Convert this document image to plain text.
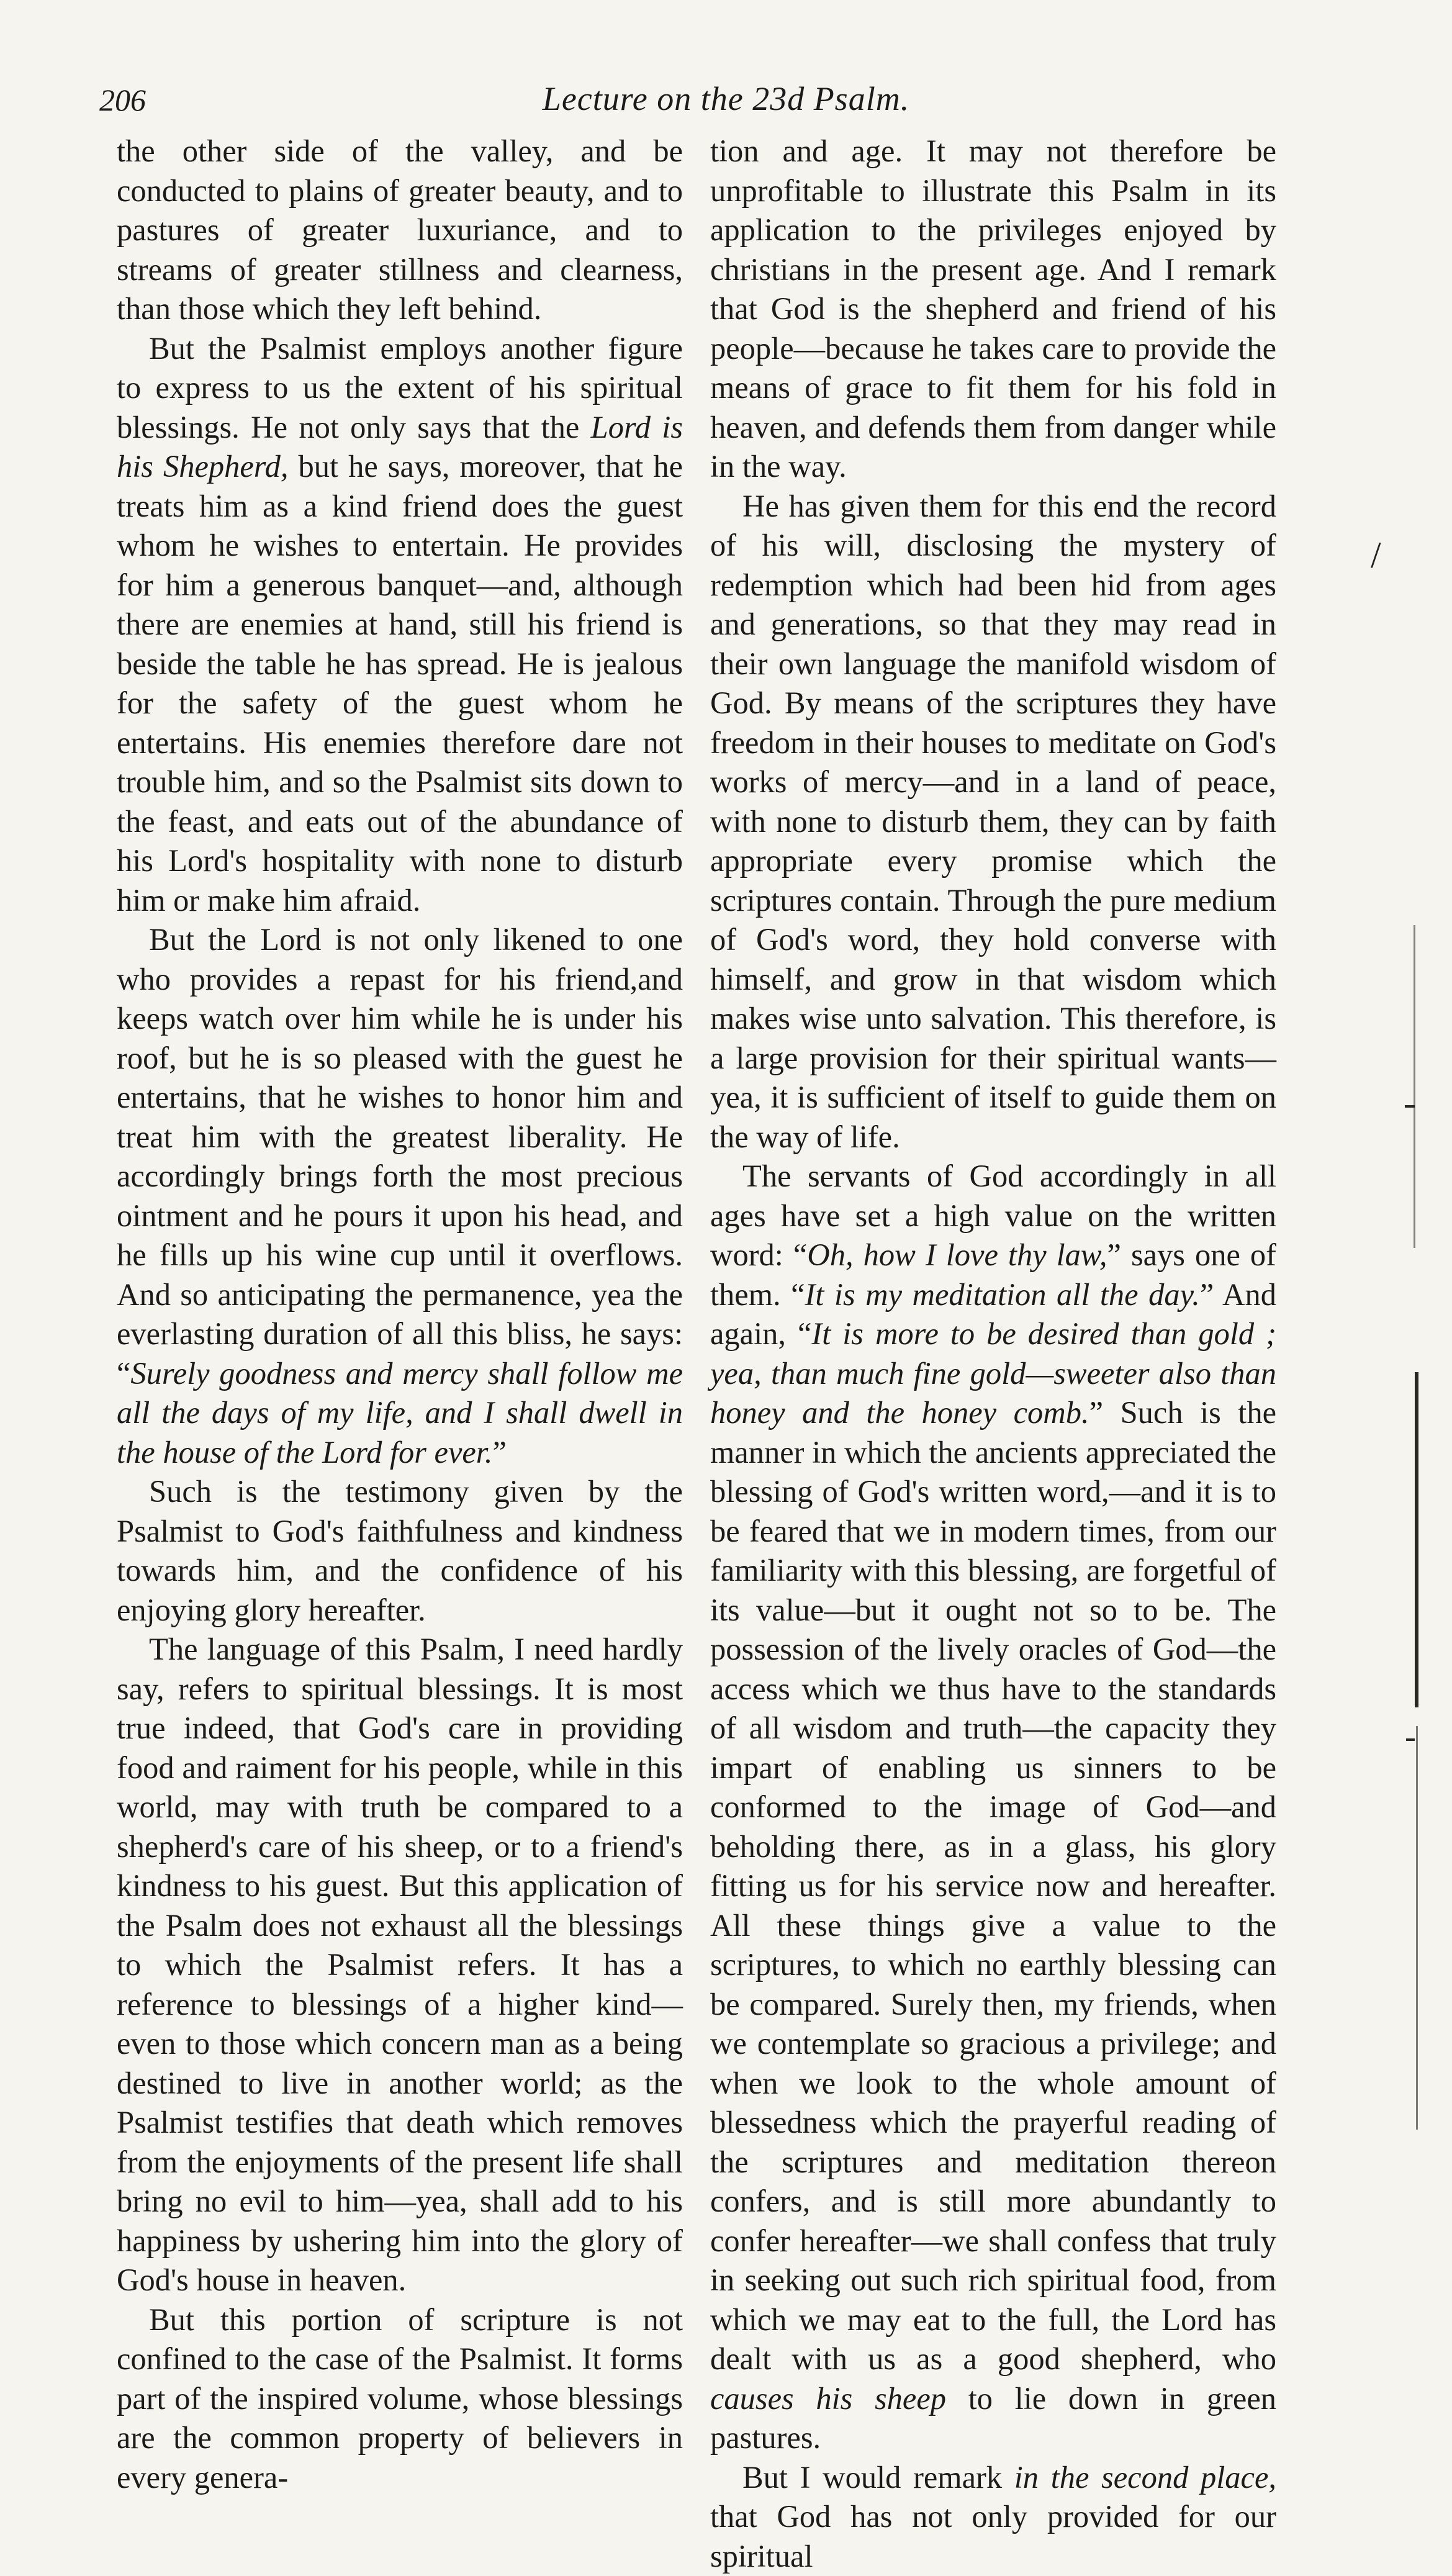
206	Lecture on the 23d Psalm.

the other side of the valley, and be conducted to plains of greater beauty, and to pastures of greater luxuriance, and to streams of greater stillness and clearness, than those which they left behind.

But the Psalmist employs another figure to express to us the extent of his spiritual blessings. He not only says that the Lord is his Shepherd, but he says, moreover, that he treats him as a kind friend does the guest whom he wishes to entertain. He provides for him a generous banquet—and, although there are enemies at hand, still his friend is beside the table he has spread. He is jealous for the safety of the guest whom he entertains. His enemies therefore dare not trouble him, and so the Psalmist sits down to the feast, and eats out of the abundance of his Lord's hospitality with none to disturb him or make him afraid.

But the Lord is not only likened to one who provides a repast for his friend,and keeps watch over him while he is under his roof, but he is so pleased with the guest he entertains, that he wishes to honor him and treat him with the greatest liberality. He accordingly brings forth the most precious ointment and he pours it upon his head, and he fills up his wine cup until it overflows. And so anticipating the permanence, yea the everlasting duration of all this bliss, he says: “Surely goodness and mercy shall follow me all the days of my life, and I shall dwell in the house of the Lord for ever.”

Such is the testimony given by the Psalmist to God's faithfulness and kindness towards him, and the confidence of his enjoying glory hereafter.

The language of this Psalm, I need hardly say, refers to spiritual blessings. It is most true indeed, that God's care in providing food and raiment for his people, while in this world, may with truth be compared to a shepherd's care of his sheep, or to a friend's kindness to his guest. But this application of the Psalm does not exhaust all the blessings to which the Psalmist refers. It has a reference to blessings of a higher kind—even to those which concern man as a being destined to live in another world; as the Psalmist testifies that death which removes from the enjoyments of the present life shall bring no evil to him—yea, shall add to his happiness by ushering him into the glory of God's house in heaven.

But this portion of scripture is not confined to the case of the Psalmist. It forms part of the inspired volume, whose blessings are the common property of believers in every genera-

tion and age. It may not therefore be unprofitable to illustrate this Psalm in its application to the privileges enjoyed by christians in the present age. And I remark that God is the shepherd and friend of his people—because he takes care to provide the means of grace to fit them for his fold in heaven, and defends them from danger while in the way.

He has given them for this end the record of his will, disclosing the mystery of redemption which had been hid from ages and generations, so that they may read in their own language the manifold wisdom of God. By means of the scriptures they have freedom in their houses to meditate on God's works of mercy—and in a land of peace, with none to disturb them, they can by faith appropriate every promise which the scriptures contain. Through the pure medium of God's word, they hold converse with himself, and grow in that wisdom which makes wise unto salvation. This therefore, is a large provision for their spiritual wants—yea, it is sufficient of itself to guide them on the way of life.

The servants of God accordingly in all ages have set a high value on the written word: “Oh, how I love thy law,” says one of them. “It is my meditation all the day.” And again, “It is more to be desired than gold ; yea, than much fine gold—sweeter also than honey and the honey comb.” Such is the manner in which the ancients appreciated the blessing of God's written word,—and it is to be feared that we in modern times, from our familiarity with this blessing, are forgetful of its value—but it ought not so to be. The possession of the lively oracles of God—the access which we thus have to the standards of all wisdom and truth—the capacity they impart of enabling us sinners to be conformed to the image of God—and beholding there, as in a glass, his glory fitting us for his service now and hereafter. All these things give a value to the scriptures, to which no earthly blessing can be compared. Surely then, my friends, when we contemplate so gracious a privilege; and when we look to the whole amount of blessedness which the prayerful reading of the scriptures and meditation thereon confers, and is still more abundantly to confer hereafter—we shall confess that truly in seeking out such rich spiritual food, from which we may eat to the full, the Lord has dealt with us as a good shepherd, who causes his sheep to lie down in green pastures.

But I would remark in the second place, that God has not only provided for our spiritual

/
